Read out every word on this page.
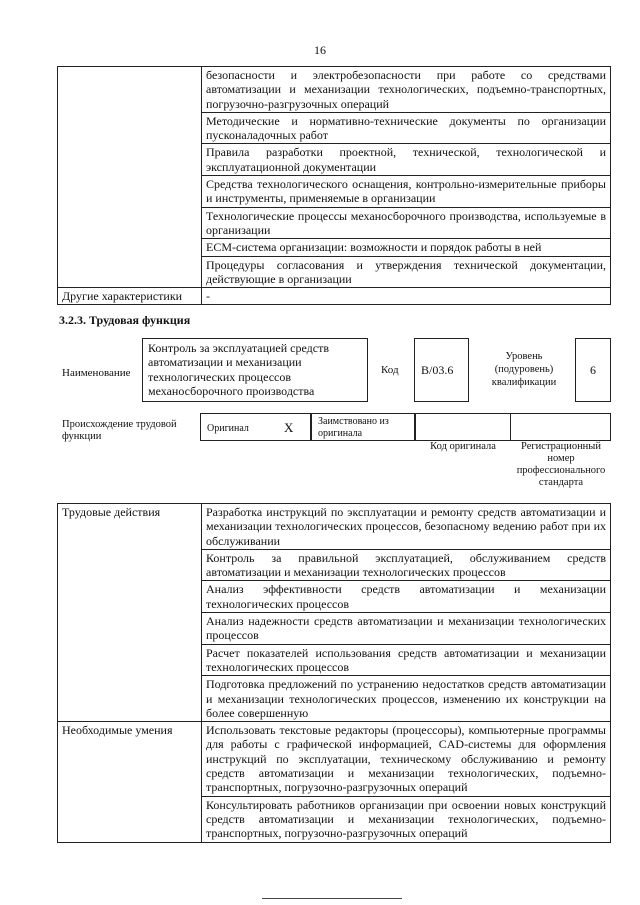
16
	безопасности и электробезопасности при работе со средствами автоматизации и механизации технологических, подъемно-транспортных, погрузочно-разгрузочных операций
	Методические и нормативно-технические документы по организации пусконаладочных работ
	Правила разработки проектной, технической, технологической и эксплуатационной документации
	Средства технологического оснащения, контрольно-измерительные приборы и инструменты, применяемые в организации
	Технологические процессы механосборочного производства, используемые в организации
	ECM-система организации: возможности и порядок работы в ней
	Процедуры согласования и утверждения технической документации, действующие в организации
Другие характеристики	-
3.2.3. Трудовая функция
Наименование
Контроль за эксплуатацией средств автоматизации и механизации технологических процессов механосборочного производства
Код	B/03.6
Уровень (подуровень) квалификации
6
Происхождение трудовой функции
Оригинал	X Заимствовано из оригинала
Код оригинала	Регистрационный номер профессионального стандарта
Трудовые действия	Разработка инструкций по эксплуатации и ремонту средств автоматизации и механизации технологических процессов, безопасному ведению работ при их обслуживании
	Контроль за правильной эксплуатацией, обслуживанием средств автоматизации и механизации технологических процессов
	Анализ эффективности средств автоматизации и механизации технологических процессов
	Анализ надежности средств автоматизации и механизации технологических процессов
	Расчет показателей использования средств автоматизации и механизации технологических процессов
	Подготовка предложений по устранению недостатков средств автоматизации и механизации технологических процессов, изменению их конструкции на более совершенную
Необходимые умения	Использовать текстовые редакторы (процессоры), компьютерные программы для работы с графической информацией, CAD-системы для оформления инструкций по эксплуатации, техническому обслуживанию и ремонту средств автоматизации и механизации технологических, подъемно-транспортных, погрузочно-разгрузочных операций
	Консультировать работников организации при освоении новых конструкций средств автоматизации и механизации технологических, подъемно-транспортных, погрузочно-разгрузочных операций
